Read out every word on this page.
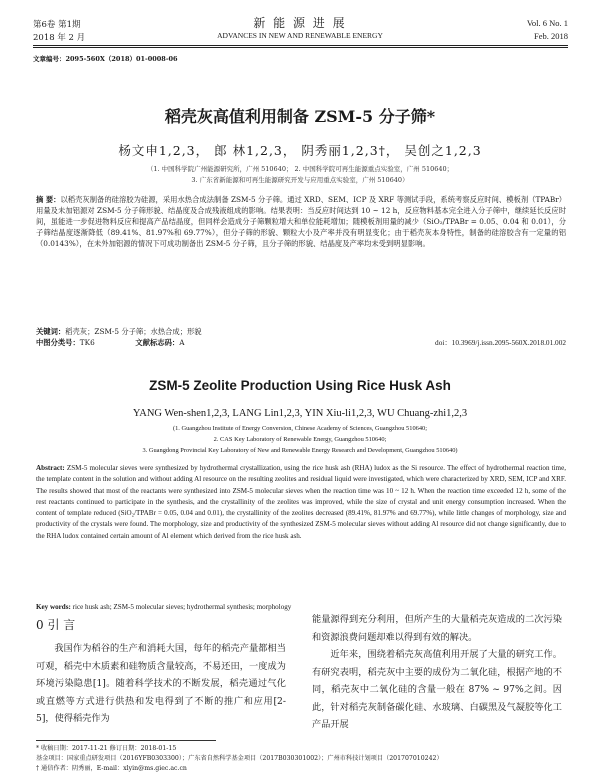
第6卷 第1期
2018 年 2 月
新 能 源 进 展
ADVANCES IN NEW AND RENEWABLE ENERGY
Vol. 6 No. 1
Feb. 2018
文章编号：2095-560X（2018）01-0008-06
稻壳灰高值利用制备 ZSM-5 分子筛*
杨文申1,2,3， 郎 林1,2,3， 阴秀丽1,2,3†， 吴创之1,2,3
（1. 中国科学院广州能源研究所，广州 510640； 2. 中国科学院可再生能源重点实验室，广州 510640；
3. 广东省新能源和可再生能源研究开发与应用重点实验室，广州 510640）
摘 要：以稻壳灰制备的硅溶胶为硅源，采用水热合成法制备 ZSM-5 分子筛。通过 XRD、SEM、ICP 及 XRF 等测试手段，系统考察反应时间、模板剂（TPABr）用量及未加铝源对 ZSM-5 分子筛形貌、结晶度及合成残液组成的影响。结果表明：当反应时间达到 10 ~ 12 h，反应物料基本完全进入分子筛中，继续延长反应时间，虽能进一步促进物料反应和提高产品结晶度，但同样会造成分子筛颗粒增大和单位能耗增加；随模板剂用量的减少（SiO₂/TPABr = 0.05、0.04 和 0.01），分子筛结晶度逐渐降低（89.41%、81.97%和 69.77%），但分子筛的形貌、颗粒大小及产率并没有明显变化；由于稻壳灰本身特性，制备的硅溶胶含有一定量的铝（0.0143%），在未外加铝源的情况下可成功制备出 ZSM-5 分子筛，且分子筛的形貌、结晶度及产率均未受到明显影响。
关键词：稻壳灰；ZSM-5 分子筛；水热合成；形貌
中图分类号：TK6	文献标志码：A	doi：10.3969/j.issn.2095-560X.2018.01.002
ZSM-5 Zeolite Production Using Rice Husk Ash
YANG Wen-shen1,2,3, LANG Lin1,2,3, YIN Xiu-li1,2,3, WU Chuang-zhi1,2,3
(1. Guangzhou Institute of Energy Conversion, Chinese Academy of Sciences, Guangzhou 510640;
2. CAS Key Laboratory of Renewable Energy, Guangzhou 510640;
3. Guangdong Provincial Key Laboratory of New and Renewable Energy Research and Development, Guangzhou 510640)
Abstract: ZSM-5 molecular sieves were synthesized by hydrothermal crystallization, using the rice husk ash (RHA) ludox as the Si resource. The effect of hydrothermal reaction time, the template content in the solution and without adding Al resource on the resulting zeolites and residual liquid were investigated, which were characterized by XRD, SEM, ICP and XRF. The results showed that most of the reactants were synthesized into ZSM-5 molecular sieves when the reaction time was 10 ~ 12 h. When the reaction time exceeded 12 h, some of the rest reactants continued to participate in the synthesis, and the crystallinity of the zeolites was improved, while the size of crystal and unit energy consumption increased. When the content of template reduced (SiO₂/TPABr = 0.05, 0.04 and 0.01), the crystallinity of the zeolites decreased (89.41%, 81.97% and 69.77%), while little changes of morphology, size and productivity of the crystals were found. The morphology, size and productivity of the synthesized ZSM-5 molecular sieves without adding Al resource did not change significantly, due to the RHA ludox contained certain amount of Al element which derived from the rice husk ash.
Key words: rice husk ash; ZSM-5 molecular sieves; hydrothermal synthesis; morphology
0 引 言
我国作为稻谷的生产和消耗大国，每年的稻壳产量都相当可观，稻壳中木质素和硅物质含量较高，不易还田，一度成为环境污染隐患[1]。随着科学技术的不断发展，稻壳通过气化或直燃等方式进行供热和发电得到了不断的推广和应用[2-5]，使得稻壳作为
能量源得到充分利用，但所产生的大量稻壳灰造成的二次污染和资源浪费问题却难以得到有效的解决。
近年来，围绕着稻壳灰高值利用开展了大量的研究工作。有研究表明，稻壳灰中主要的成份为二氧化硅，根据产地的不同，稻壳灰中二氧化硅的含量一般在 87% ~ 97%之间。因此，针对稻壳灰制备碳化硅、水玻璃、白碳黑及气凝胶等化工产品开展
* 收稿日期：2017-11-21 修订日期：2018-01-15
基金项目：国家重点研发项目（2016YFB0303300）；广东省自然科学基金项目（2017B030301002）；广州市科技计划项目（201707010242）
† 通信作者：阴秀丽，E-mail：xlyin@ms.giec.ac.cn
